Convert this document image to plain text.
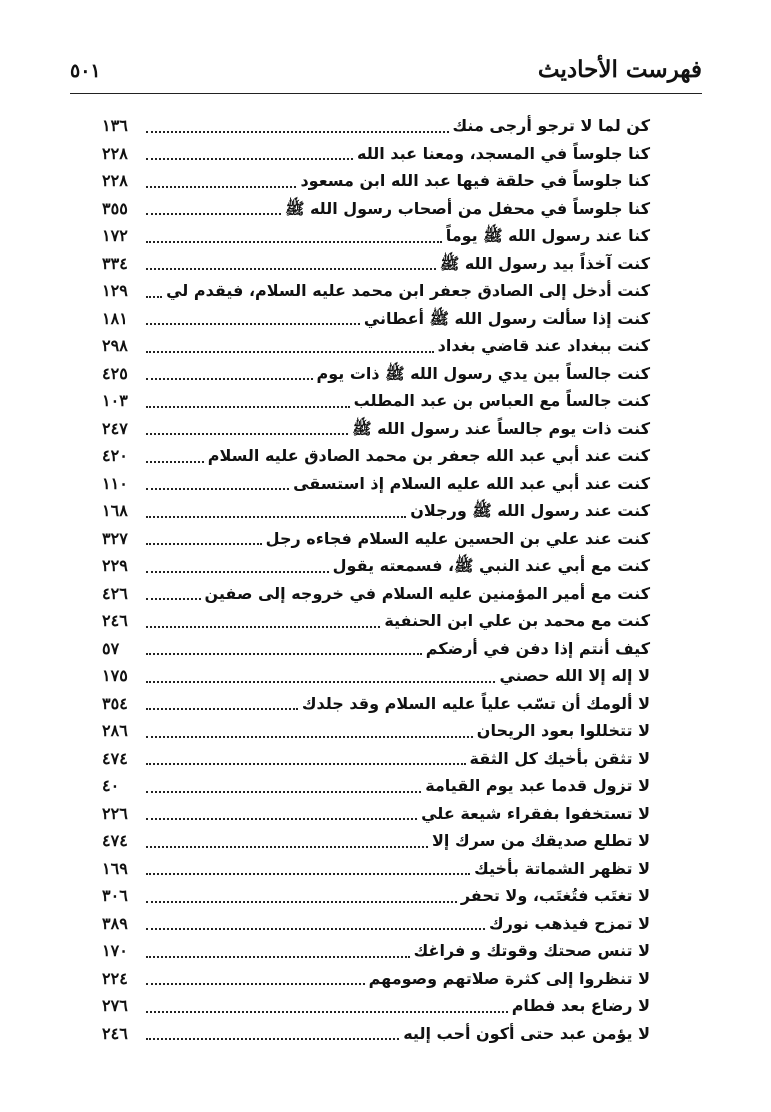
فهرست الأحاديث
٥٠١
كن لما لا ترجو أرجى منك
١٣٦
كنا جلوساً في المسجد، ومعنا عبد الله
٢٢٨
كنا جلوساً في حلقة فيها عبد الله ابن مسعود
٢٢٨
كنا جلوساً في محفل من أصحاب رسول الله ﷺ
٣٥٥
كنا عند رسول الله ﷺ يوماً
١٧٢
كنت آخذاً بيد رسول الله ﷺ
٣٣٤
كنت أدخل إلى الصادق جعفر ابن محمد عليه السلام، فيقدم لي
١٢٩
كنت إذا سألت رسول الله ﷺ أعطاني
١٨١
كنت ببغداد عند قاضي بغداد
٢٩٨
كنت جالساً بين يدي رسول الله ﷺ ذات يوم
٤٢٥
كنت جالساً مع العباس بن عبد المطلب
١٠٣
كنت ذات يوم جالساً عند رسول الله ﷺ
٢٤٧
كنت عند أبي عبد الله جعفر بن محمد الصادق عليه السلام
٤٢٠
كنت عند أبي عبد الله عليه السلام إذ استسقى
١١٠
كنت عند رسول الله ﷺ ورجلان
١٦٨
كنت عند علي بن الحسين عليه السلام فجاءه رجل
٣٢٧
كنت مع أبي عند النبي ﷺ، فسمعته يقول
٢٢٩
كنت مع أمير المؤمنين عليه السلام في خروجه إلى صفين
٤٢٦
كنت مع محمد بن علي ابن الحنفية
٢٤٦
كيف أنتم إذا دفن في أرضكم
٥٧
لا إله إلا الله حصني
١٧٥
لا ألومك أن تسّب علياً عليه السلام وقد جلدك
٣٥٤
لا تتخللوا بعود الريحان
٢٨٦
لا تثقن بأخيك كل الثقة
٤٧٤
لا تزول قدما عبد يوم القيامة
٤٠
لا تستخفوا بفقراء شيعة علي
٢٢٦
لا تطلع صديقك من سرك إلا
٤٧٤
لا تظهر الشماتة بأخيك
١٦٩
لا تغتَب فتُغتَب، ولا تحفر
٣٠٦
لا تمزح فيذهب نورك
٣٨٩
لا تنس صحتك وقوتك و فراغك
١٧٠
لا تنظروا إلى كثرة صلاتهم وصومهم
٢٢٤
لا رضاع بعد فطام
٢٧٦
لا يؤمن عبد حتى أكون أحب إليه
٢٤٦
